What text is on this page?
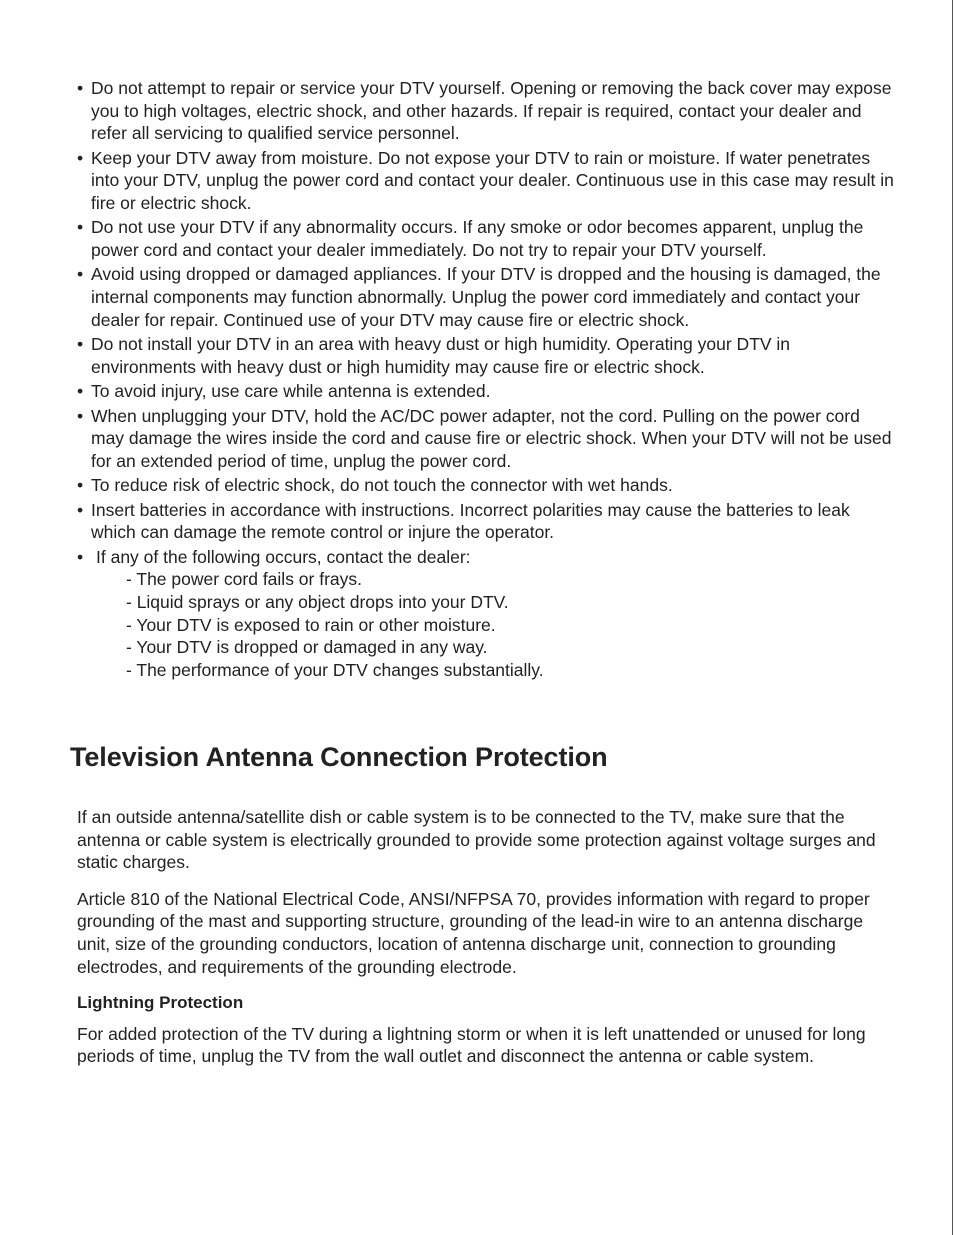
• Do not attempt to repair or service your DTV yourself. Opening or removing the back cover may expose you to high voltages, electric shock, and other hazards. If repair is required, contact your dealer and refer all servicing to qualified service personnel.
• Keep your DTV away from moisture. Do not expose your DTV to rain or moisture. If water penetrates into your DTV, unplug the power cord and contact your dealer. Continuous use in this case may result in fire or electric shock.
• Do not use your DTV if any abnormality occurs. If any smoke or odor becomes apparent, unplug the power cord and contact your dealer immediately. Do not try to repair your DTV yourself.
• Avoid using dropped or damaged appliances. If your DTV is dropped and the housing is damaged, the internal components may function abnormally. Unplug the power cord immediately and contact your dealer for repair. Continued use of your DTV may cause fire or electric shock.
• Do not install your DTV in an area with heavy dust or high humidity. Operating your DTV in environments with heavy dust or high humidity may cause fire or electric shock.
• To avoid injury, use care while antenna is extended.
• When unplugging your DTV, hold the AC/DC power adapter, not the cord. Pulling on the power cord may damage the wires inside the cord and cause fire or electric shock. When your DTV will not be used for an extended period of time, unplug the power cord.
• To reduce risk of electric shock, do not touch the connector with wet hands.
• Insert batteries in accordance with instructions. Incorrect polarities may cause the batteries to leak which can damage the remote control or injure the operator.
• If any of the following occurs, contact the dealer:
- The power cord fails or frays.
- Liquid sprays or any object drops into your DTV.
- Your DTV is exposed to rain or other moisture.
- Your DTV is dropped or damaged in any way.
- The performance of your DTV changes substantially.
Television Antenna Connection Protection

If an outside antenna/satellite dish or cable system is to be connected to the TV, make sure that the antenna or cable system is electrically grounded to provide some protection against voltage surges and static charges.

Article 810 of the National Electrical Code, ANSI/NFPSA 70, provides information with regard to proper grounding of the mast and supporting structure, grounding of the lead-in wire to an antenna discharge unit, size of the grounding conductors, location of antenna discharge unit, connection to grounding electrodes, and requirements of the grounding electrode.

Lightning Protection

For added protection of the TV during a lightning storm or when it is left unattended or unused for long periods of time, unplug the TV from the wall outlet and disconnect the antenna or cable system.
